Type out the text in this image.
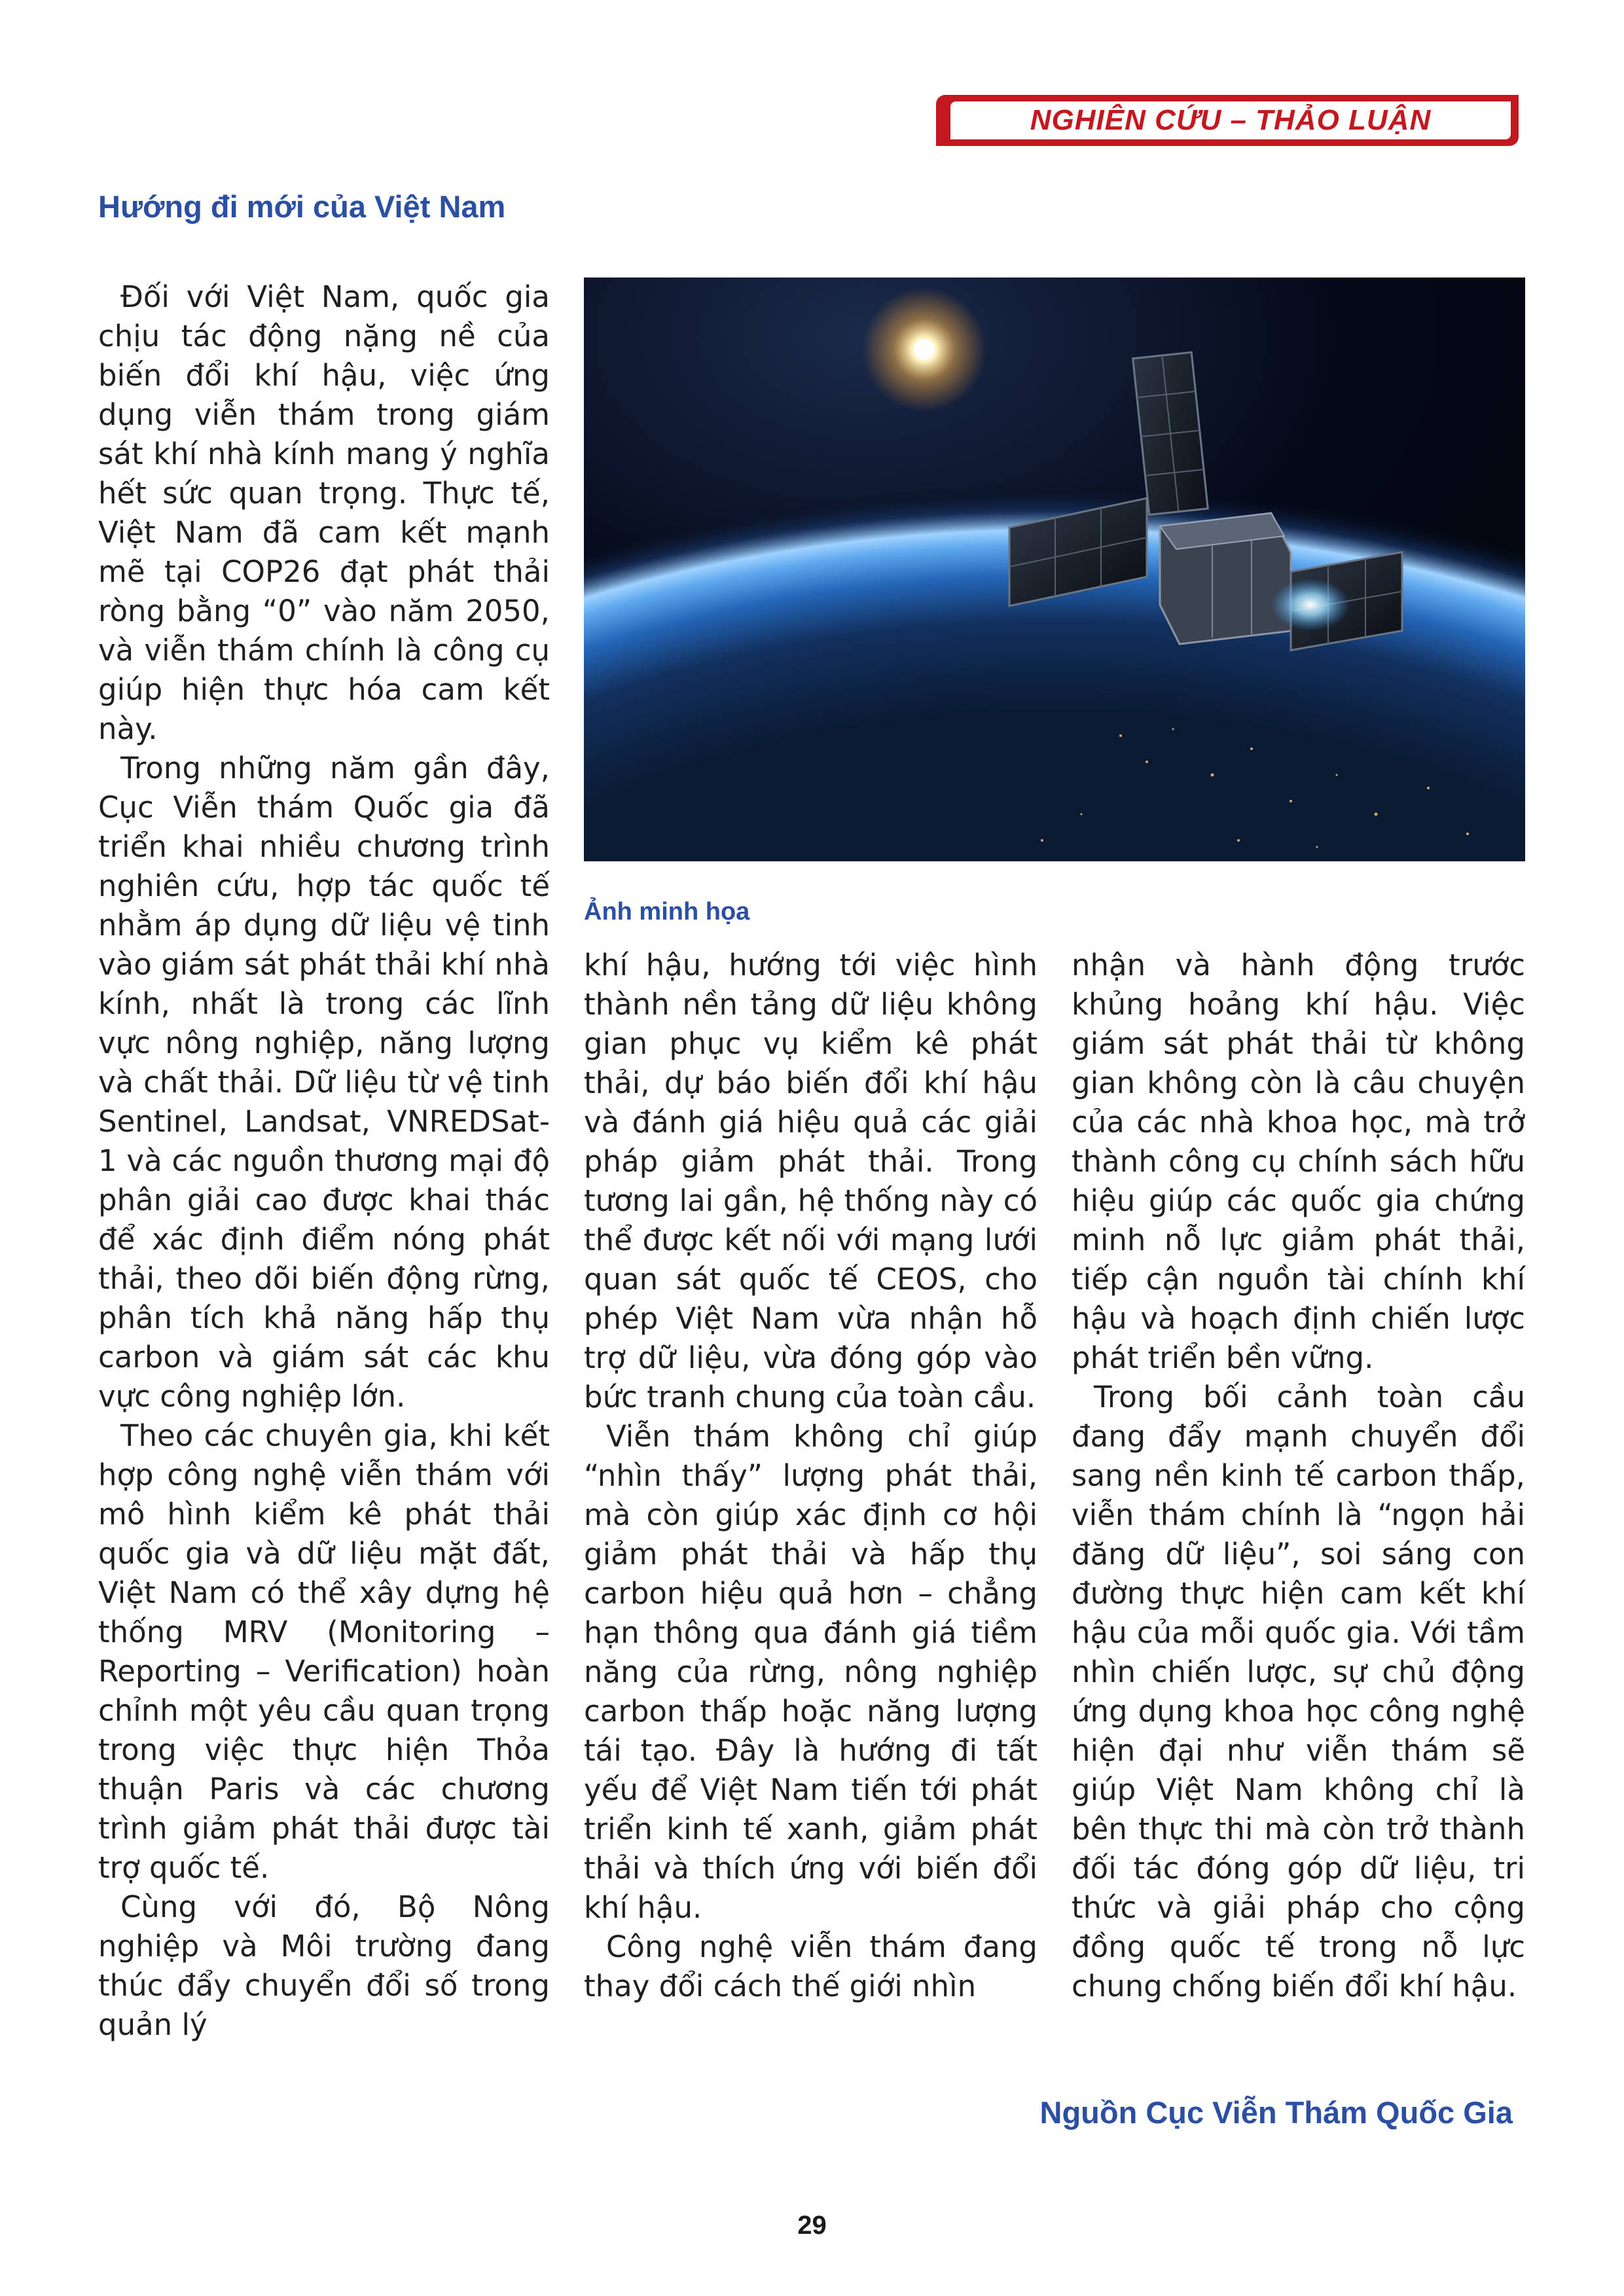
NGHIÊN CỨU – THẢO LUẬN
Hướng đi mới của Việt Nam

Đối với Việt Nam, quốc gia chịu tác động nặng nề của biến đổi khí hậu, việc ứng dụng viễn thám trong giám sát khí nhà kính mang ý nghĩa hết sức quan trọng. Thực tế, Việt Nam đã cam kết mạnh mẽ tại COP26 đạt phát thải ròng bằng “0” vào năm 2050, và viễn thám chính là công cụ giúp hiện thực hóa cam kết này.

Trong những năm gần đây, Cục Viễn thám Quốc gia đã triển khai nhiều chương trình nghiên cứu, hợp tác quốc tế nhằm áp dụng dữ liệu vệ tinh vào giám sát phát thải khí nhà kính, nhất là trong các lĩnh vực nông nghiệp, năng lượng và chất thải. Dữ liệu từ vệ tinh Sentinel, Landsat, VNREDSat-1 và các nguồn thương mại độ phân giải cao được khai thác để xác định điểm nóng phát thải, theo dõi biến động rừng, phân tích khả năng hấp thụ carbon và giám sát các khu vực công nghiệp lớn.

Theo các chuyên gia, khi kết hợp công nghệ viễn thám với mô hình kiểm kê phát thải quốc gia và dữ liệu mặt đất, Việt Nam có thể xây dựng hệ thống MRV (Monitoring – Reporting – Verification) hoàn chỉnh một yêu cầu quan trọng trong việc thực hiện Thỏa thuận Paris và các chương trình giảm phát thải được tài trợ quốc tế.

Cùng với đó, Bộ Nông nghiệp và Môi trường đang thúc đẩy chuyển đổi số trong quản lý

Ảnh minh họa

khí hậu, hướng tới việc hình thành nền tảng dữ liệu không gian phục vụ kiểm kê phát thải, dự báo biến đổi khí hậu và đánh giá hiệu quả các giải pháp giảm phát thải. Trong tương lai gần, hệ thống này có thể được kết nối với mạng lưới quan sát quốc tế CEOS, cho phép Việt Nam vừa nhận hỗ trợ dữ liệu, vừa đóng góp vào bức tranh chung của toàn cầu.

Viễn thám không chỉ giúp “nhìn thấy” lượng phát thải, mà còn giúp xác định cơ hội giảm phát thải và hấp thụ carbon hiệu quả hơn – chẳng hạn thông qua đánh giá tiềm năng của rừng, nông nghiệp carbon thấp hoặc năng lượng tái tạo. Đây là hướng đi tất yếu để Việt Nam tiến tới phát triển kinh tế xanh, giảm phát thải và thích ứng với biến đổi khí hậu.

Công nghệ viễn thám đang thay đổi cách thế giới nhìn

nhận và hành động trước khủng hoảng khí hậu. Việc giám sát phát thải từ không gian không còn là câu chuyện của các nhà khoa học, mà trở thành công cụ chính sách hữu hiệu giúp các quốc gia chứng minh nỗ lực giảm phát thải, tiếp cận nguồn tài chính khí hậu và hoạch định chiến lược phát triển bền vững.

Trong bối cảnh toàn cầu đang đẩy mạnh chuyển đổi sang nền kinh tế carbon thấp, viễn thám chính là “ngọn hải đăng dữ liệu”, soi sáng con đường thực hiện cam kết khí hậu của mỗi quốc gia. Với tầm nhìn chiến lược, sự chủ động ứng dụng khoa học công nghệ hiện đại như viễn thám sẽ giúp Việt Nam không chỉ là bên thực thi mà còn trở thành đối tác đóng góp dữ liệu, tri thức và giải pháp cho cộng đồng quốc tế trong nỗ lực chung chống biến đổi khí hậu.

Nguồn Cục Viễn Thám Quốc Gia
29
